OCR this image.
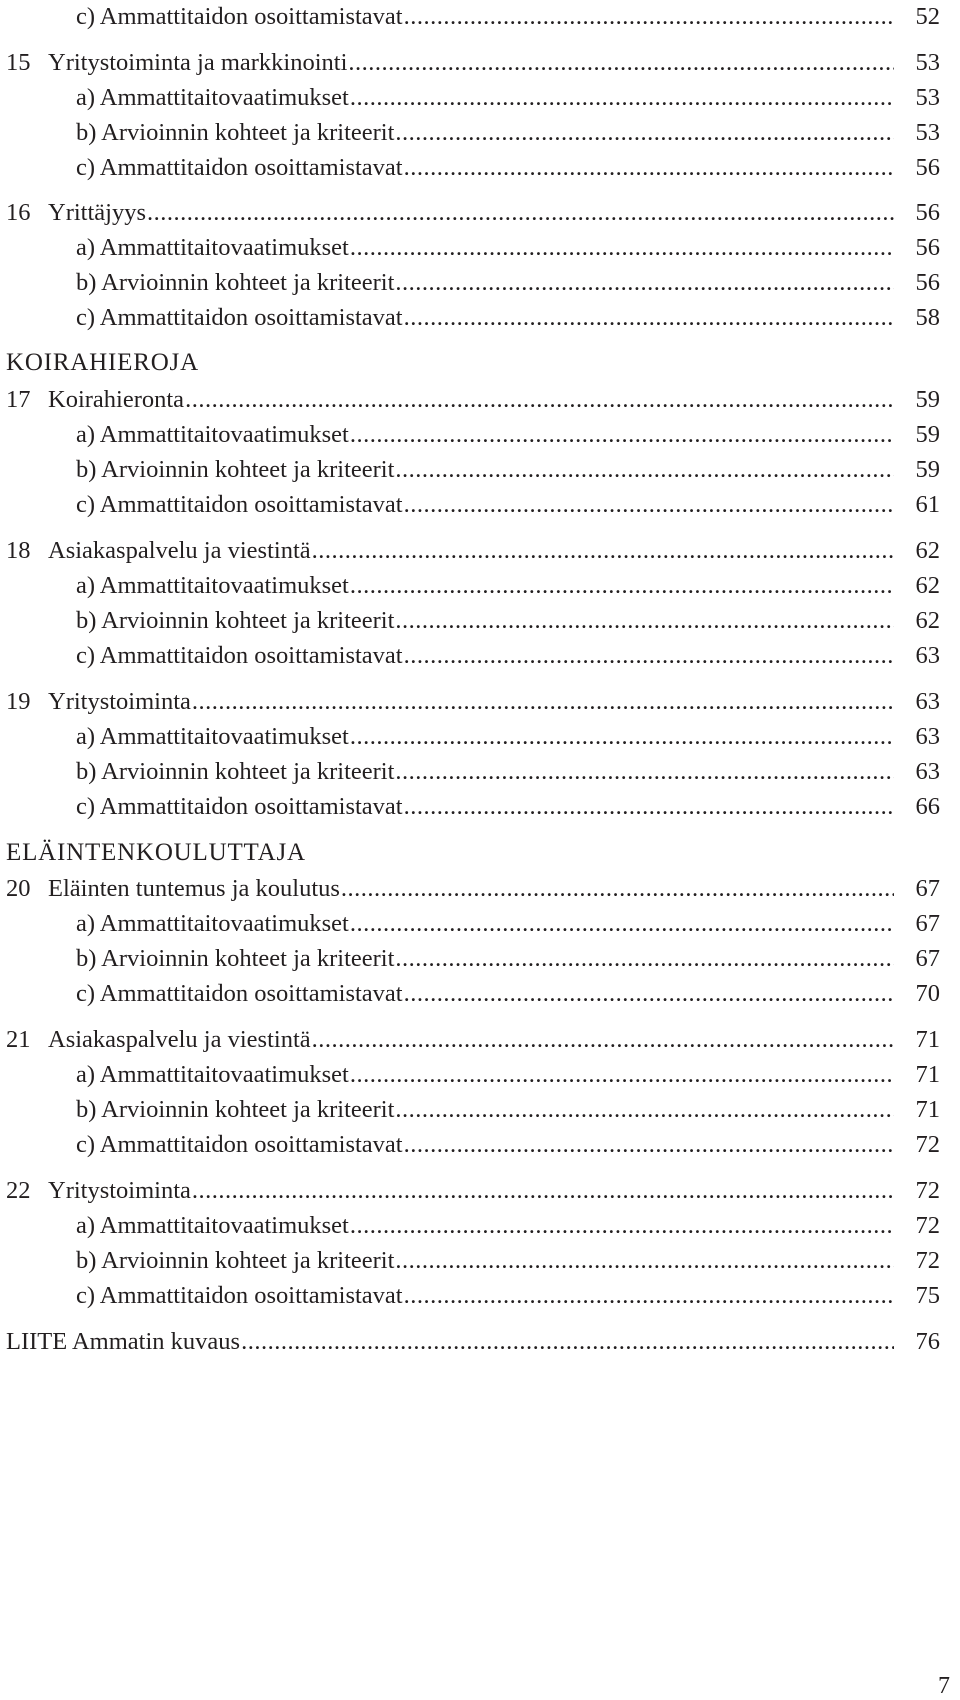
c) Ammattitaidon osoittamistavat .....	52
15 Yritystoiminta ja markkinointi .....	53
a) Ammattitaitovaatimukset .....	53
b) Arvioinnin kohteet ja kriteerit .....	53
c) Ammattitaidon osoittamistavat .....	56
16 Yrittäjyys .....	56
a) Ammattitaitovaatimukset .....	56
b) Arvioinnin kohteet ja kriteerit .....	56
c) Ammattitaidon osoittamistavat .....	58
KOIRAHIEROJA
17 Koirahieronta .....	59
a) Ammattitaitovaatimukset .....	59
b) Arvioinnin kohteet ja kriteerit .....	59
c) Ammattitaidon osoittamistavat .....	61
18 Asiakaspalvelu ja viestintä .....	62
a) Ammattitaitovaatimukset .....	62
b) Arvioinnin kohteet ja kriteerit .....	62
c) Ammattitaidon osoittamistavat .....	63
19 Yritystoiminta .....	63
a) Ammattitaitovaatimukset .....	63
b) Arvioinnin kohteet ja kriteerit .....	63
c) Ammattitaidon osoittamistavat .....	66
ELÄINTENKOULUTTAJA
20 Eläinten tuntemus ja koulutus .....	67
a) Ammattitaitovaatimukset .....	67
b) Arvioinnin kohteet ja kriteerit .....	67
c) Ammattitaidon osoittamistavat .....	70
21 Asiakaspalvelu ja viestintä .....	71
a) Ammattitaitovaatimukset .....	71
b) Arvioinnin kohteet ja kriteerit .....	71
c) Ammattitaidon osoittamistavat .....	72
22 Yritystoiminta .....	72
a) Ammattitaitovaatimukset .....	72
b) Arvioinnin kohteet ja kriteerit .....	72
c) Ammattitaidon osoittamistavat .....	75
LIITE Ammatin kuvaus .....	76
7
